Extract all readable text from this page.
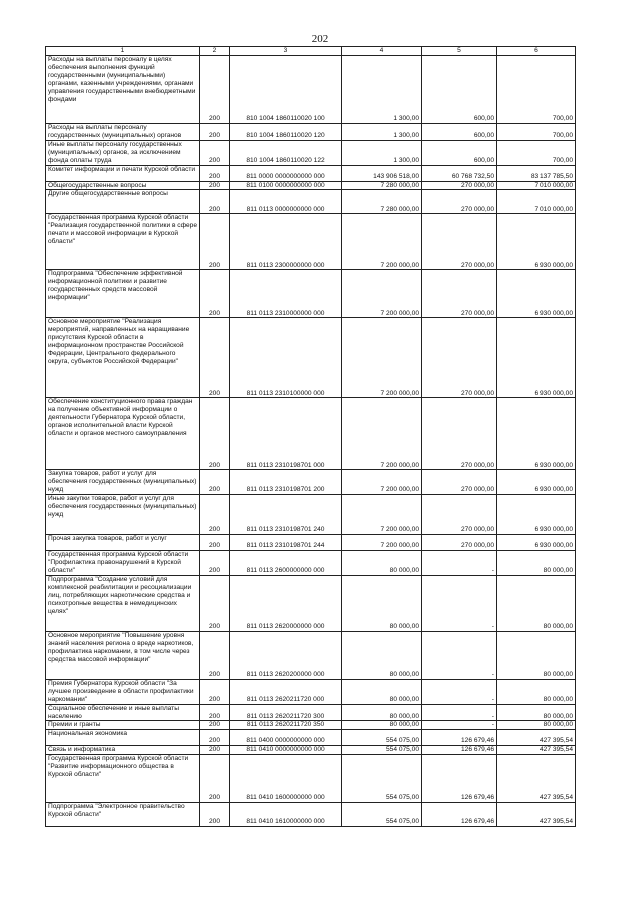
202
1	2	3	4	5	6
Расходы на выплаты персоналу в целях обеспечения выполнения функций государственными (муниципальными) органами, казенными учреждениями, органами управления государственными внебюджетными фондами	200	810 1004 1860110020 100	1 300,00	600,00	700,00
Расходы на выплаты персоналу государственных (муниципальных) органов	200	810 1004 1860110020 120	1 300,00	600,00	700,00
Иные выплаты персоналу государственных (муниципальных) органов, за исключением фонда оплаты труда	200	810 1004 1860110020 122	1 300,00	600,00	700,00
Комитет информации и печати Курской области	200	811 0000 0000000000 000	143 906 518,00	60 768 732,50	83 137 785,50
Общегосударственные вопросы	200	811 0100 0000000000 000	7 280 000,00	270 000,00	7 010 000,00
Другие общегосударственные вопросы	200	811 0113 0000000000 000	7 280 000,00	270 000,00	7 010 000,00
Государственная программа Курской области "Реализация государственной политики в сфере печати и массовой информации в Курской области"	200	811 0113 2300000000 000	7 200 000,00	270 000,00	6 930 000,00
Подпрограмма "Обеспечение эффективной информационной политики и развитие государственных средств массовой информации"	200	811 0113 2310000000 000	7 200 000,00	270 000,00	6 930 000,00
Основное мероприятие "Реализация мероприятий, направленных на наращивание присутствия Курской области в информационном пространстве Российской Федерации, Центрального федерального округа, субъектов Российской Федерации"	200	811 0113 2310100000 000	7 200 000,00	270 000,00	6 930 000,00
Обеспечение конституционного права граждан на получение объективной информации о деятельности Губернатора Курской области, органов исполнительной власти Курской области и органов местного самоуправления	200	811 0113 2310198701 000	7 200 000,00	270 000,00	6 930 000,00
Закупка товаров, работ и услуг для обеспечения государственных (муниципальных) нужд	200	811 0113 2310198701 200	7 200 000,00	270 000,00	6 930 000,00
Иные закупки товаров, работ и услуг для обеспечения государственных (муниципальных) нужд	200	811 0113 2310198701 240	7 200 000,00	270 000,00	6 930 000,00
Прочая закупка товаров, работ и услуг	200	811 0113 2310198701 244	7 200 000,00	270 000,00	6 930 000,00
Государственная программа Курской области "Профилактика правонарушений в Курской области"	200	811 0113 2600000000 000	80 000,00	-	80 000,00
Подпрограмма "Создание условий для комплексной реабилитации и ресоциализации лиц, потребляющих наркотические средства и психотропные вещества в немедицинских целях"	200	811 0113 2620000000 000	80 000,00	-	80 000,00
Основное мероприятие "Повышение уровня знаний населения региона о вреде наркотиков, профилактика наркомании, в том числе через средства массовой информации"	200	811 0113 2620200000 000	80 000,00	-	80 000,00
Премия Губернатора Курской области "За лучшее произведение в области профилактики наркомании"	200	811 0113 2620211720 000	80 000,00	-	80 000,00
Социальное обеспечение и иные выплаты населению	200	811 0113 2620211720 300	80 000,00	-	80 000,00
Премии и гранты	200	811 0113 2620211720 350	80 000,00	-	80 000,00
Национальная экономика	200	811 0400 0000000000 000	554 075,00	126 679,46	427 395,54
Связь и информатика	200	811 0410 0000000000 000	554 075,00	126 679,46	427 395,54
Государственная программа Курской области "Развитие информационного общества в Курской области"	200	811 0410 1600000000 000	554 075,00	126 679,46	427 395,54
Подпрограмма "Электронное правительство Курской области"	200	811 0410 1610000000 000	554 075,00	126 679,46	427 395,54
